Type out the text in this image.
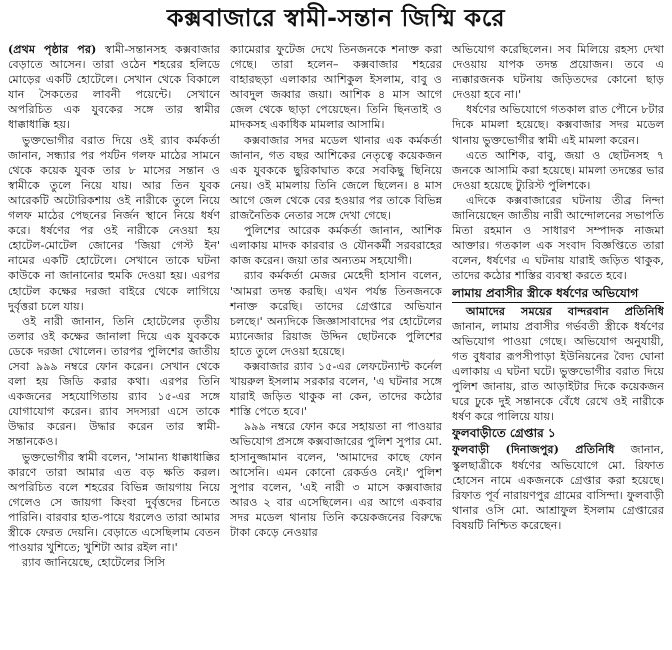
কক্সবাজারে স্বামী-সন্তান জিম্মি করে

(প্রথম পৃষ্ঠার পর) স্বামী-সন্তানসহ কক্সবাজার বেড়াতে আসেন। তারা ওঠেন শহরের হলিডে মোড়ের একটি হোটেলে। সেখান থেকে বিকালে যান সৈকতের লাবনী পয়েন্টে। সেখানে অপরিচিত এক যুবকের সঙ্গে তার স্বামীর ধাক্কাধাক্কি হয়।

ভুক্তভোগীর বরাত দিয়ে ওই র‌্যাব কর্মকর্তা জানান, সন্ধ্যার পর পর্যটন গলফ মাঠের সামনে থেকে কয়েক যুবক তার ৮ মাসের সন্তান ও স্বামীকে তুলে নিয়ে যায়। আর তিন যুবক আরেকটি অটোরিকশায় ওই নারীকে তুলে নিয়ে গলফ মাঠের পেছনের নির্জন স্থানে নিয়ে ধর্ষণ করে। ধর্ষণের পর ওই নারীকে নেওয়া হয় হোটেল-মোটেল জোনের 'জিয়া গেস্ট ইন' নামের একটি হোটেলে। সেখানে তাকে ঘটনা কাউকে না জানানোর হুমকি দেওয়া হয়। এরপর হোটেল কক্ষের দরজা বাইরে থেকে লাগিয়ে দুর্বৃত্তরা চলে যায়।

ওই নারী জানান, তিনি হোটেলের তৃতীয় তলার ওই কক্ষের জানালা দিয়ে এক যুবককে ডেকে দরজা খোলেন। তারপর পুলিশের জাতীয় সেবা ৯৯৯ নম্বরে ফোন করেন। সেখান থেকে বলা হয় জিডি করার কথা। এরপর তিনি একজনের সহযোগিতায় র‌্যাব ১৫-এর সঙ্গে যোগাযোগ করেন। র‌্যাব সদস্যরা এসে তাকে উদ্ধার করেন। উদ্ধার করেন তার স্বামী-সন্তানকেও।

ভুক্তভোগীর স্বামী বলেন, 'সামান্য ধাক্কাধাক্কির কারণে তারা আমার এত বড় ক্ষতি করল। অপরিচিত বলে শহরের বিভিন্ন জায়গায় নিয়ে গেলেও সে জায়গা কিংবা দুর্বৃত্তদের চিনতে পারিনি। বারবার হাত-পায়ে ধরলেও তারা আমার স্ত্রীকে ফেরত দেয়নি। বেড়াতে এসেছিলাম বেতন পাওয়ার খুশিতে; খুশিটা আর রইল না।'

র‌্যাব জানিয়েছে, হোটেলের সিসি

ক্যামেরার ফুটেজ দেখে তিনজনকে শনাক্ত করা গেছে। তারা হলেন– কক্সবাজার শহরের বাহারছড়া এলাকার আশিকুল ইসলাম, বাবু ও আবদুল জব্বার জয়া। আশিক ৪ মাস আগে জেল থেকে ছাড়া পেয়েছেন। তিনি ছিনতাই ও মাদকসহ একাধিক মামলার আসামি।

কক্সবাজার সদর মডেল থানার এক কর্মকর্তা জানান, গত বছর আশিকের নেতৃত্বে কয়েকজন এক যুবককে ছুরিকাঘাত করে সবকিছু ছিনিয়ে নেয়। ওই মামলায় তিনি জেলে ছিলেন। ৪ মাস আগে জেল থেকে বের হওয়ার পর তাকে বিভিন্ন রাজনৈতিক নেতার সঙ্গে দেখা গেছে।

পুলিশের আরেক কর্মকর্তা জানান, আশিক এলাকায় মাদক কারবার ও যৌনকর্মী সরবরাহের কাজ করেন। জয়া তার অন্যতম সহযোগী।

র‌্যাব কর্মকর্তা মেজর মেহেদী হাসান বলেন, 'আমরা তদন্ত করছি। এখন পর্যন্ত তিনজনকে শনাক্ত করেছি। তাদের গ্রেপ্তারে অভিযান চলছে।' অন্যদিকে জিজ্ঞাসাবাদের পর হোটেলের ম্যানেজার রিয়াজ উদ্দিন ছোটনকে পুলিশের হাতে তুলে দেওয়া হয়েছে।

কক্সবাজার র‌্যাব ১৫-এর লেফটেন্যান্ট কর্নেল খায়রুল ইসলাম সরকার বলেন, 'এ ঘটনার সঙ্গে যারাই জড়িত থাকুক না কেন, তাদের কঠোর শাস্তি পেতে হবে।'

৯৯৯ নম্বরে ফোন করে সহায়তা না পাওয়ার অভিযোগ প্রসঙ্গে কক্সবাজারের পুলিশ সুপার মো. হাসানুজ্জামান বলেন, 'আমাদের কাছে ফোন আসেনি। এমন কোনো রেকর্ডও নেই।' পুলিশ সুপার বলেন, 'এই নারী ৩ মাসে কক্সবাজার আরও ২ বার এসেছিলেন। এর আগে একবার সদর মডেল থানায় তিনি কয়েকজনের বিরুদ্ধে টাকা কেড়ে নেওয়ার

অভিযোগ করেছিলেন। সব মিলিয়ে রহস্য দেখা দেওয়ায় যাপক তদন্ত প্রয়োজন। তবে এ ন্যক্কারজনক ঘটনায় জড়িতদের কোনো ছাড় দেওয়া হবে না।'

ধর্ষণের অভিযোগে গতকাল রাত পৌনে ৮টার দিকে মামলা হয়েছে। কক্সবাজার সদর মডেল থানায় ভুক্তভোগীর স্বামী এই মামলা করেন।

এতে আশিক, বাবু, জয়া ও ছোটনসহ ৭ জনকে আসামি করা হয়েছে। মামলা তদন্তের ভার দেওয়া হয়েছে ট্যুরিস্ট পুলিশকে।

এদিকে কক্সবাজারের ঘটনায় তীব্র নিন্দা জানিয়েছেন জাতীয় নারী আন্দোলনের সভাপতি মিতা রহমান ও সাধারণ সম্পাদক নাজমা আক্তার। গতকাল এক সংবাদ বিজ্ঞপ্তিতে তারা বলেন, ধর্ষণের এ ঘটনায় যারাই জড়িত থাকুক, তাদের কঠোর শাস্তির ব্যবস্থা করতে হবে।

লামায় প্রবাসীর স্ত্রীকে ধর্ষণের অভিযোগ

আমাদের সময়ের বান্দরবান প্রতিনিধি জানান, লামায় প্রবাসীর গর্ভবতী স্ত্রীকে ধর্ষণের অভিযোগ পাওয়া গেছে। অভিযোগ অনুযায়ী, গত বুধবার রূপসীপাড়া ইউনিয়নের বৈদ্য ঘোনা এলাকায় এ ঘটনা ঘটে। ভুক্তভোগীর বরাত দিয়ে পুলিশ জানায়, রাত আড়াইটার দিকে কয়েকজন ঘরে ঢুকে দুই সন্তানকে বেঁধে রেখে ওই নারীকে ধর্ষণ করে পালিয়ে যায়।

ফুলবাড়ীতে গ্রেপ্তার ১

ফুলবাড়ী (দিনাজপুর) প্রতিনিধি জানান, স্কুলছাত্রীকে ধর্ষণের অভিযোগে মো. রিফাত হোসেন নামে একজনকে গ্রেপ্তার করা হয়েছে। রিফাত পূর্ব নারায়ণপুর গ্রামের বাসিন্দা। ফুলবাড়ী থানার ওসি মো. আশ্রাফুল ইসলাম গ্রেপ্তারের বিষয়টি নিশ্চিত করেছেন।
